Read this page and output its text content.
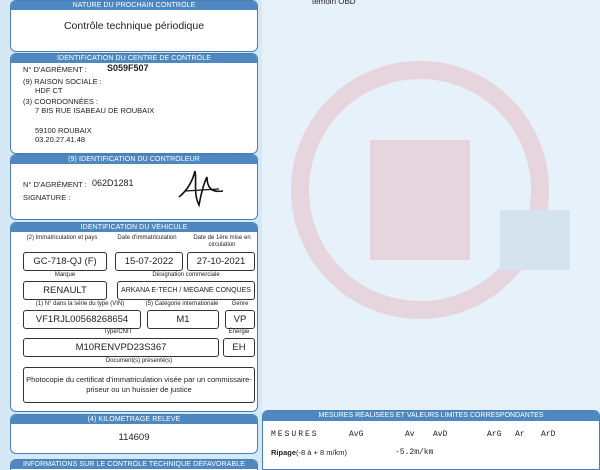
témoin OBD
NATURE DU PROCHAIN CONTRÔLE
Contrôle technique périodique
IDENTIFICATION DU CENTRE DE CONTRÔLE
N° D'AGRÉMENT : S059F507
(9) RAISON SOCIALE :
HDF CT
(3) COORDONNÉES :
7 BIS RUE ISABEAU DE ROUBAIX
59100 ROUBAIX
03.20.27.41.48
(9) IDENTIFICATION DU CONTRÔLEUR
N° D'AGRÉMENT : 062D1281
SIGNATURE :
IDENTIFICATION DU VÉHICULE
(2) Immatriculation et pays	Date d'immatriculation	Date de 1ère mise en circulation
GC-718-QJ (F)	15-07-2022	27-10-2021
Marque	Désignation commerciale
RENAULT	ARKANA E-TECH / MEGANE CONQUES
(1) N° dans la série du type (VIN)	(5) Catégorie internationale	Genre
VF1RJL00568268654	M1	VP
Type/CNIT	Énergie
M10RENVPD23S367	EH
Document(s) présenté(s)
Photocopie du certificat d'immatriculation visée par un commissaire-priseur ou un huissier de justice
(4) KILOMÉTRAGE RELEVÉ
114609
INFORMATIONS SUR LE CONTRÔLE TECHNIQUE DÉFAVORABLE
MESURES RÉALISÉES ET VALEURS LIMITES CORRESPONDANTES
MESURES	AvG	Av AvD	ArG Ar ArD
Ripage (-8 à + 8 m/km)	-5.2m/km
